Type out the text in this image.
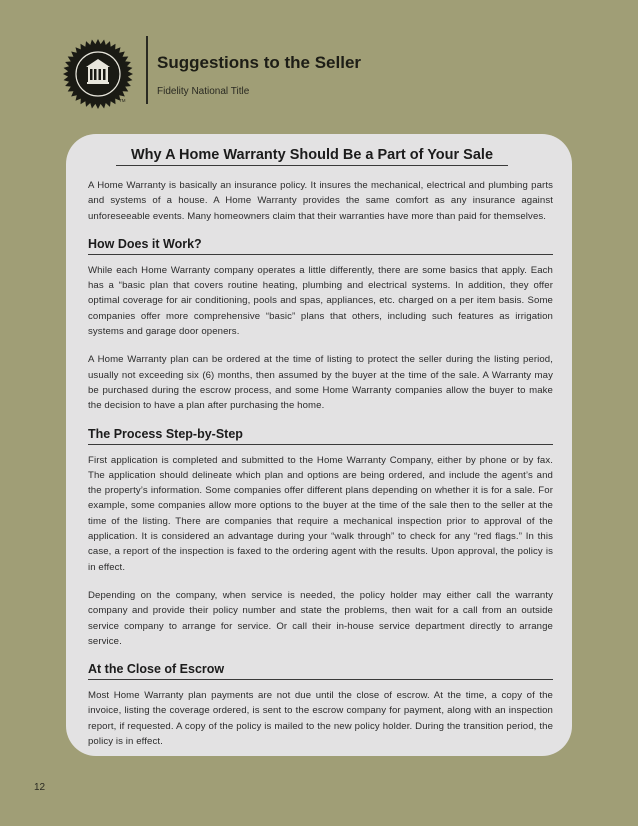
TM
Suggestions to the Seller
Fidelity National Title
Why A Home Warranty Should Be a Part of Your Sale

A Home Warranty is basically an insurance policy. It insures the mechanical, electrical and plumbing parts and systems of a house. A Home Warranty provides the same comfort as any insurance against unforeseeable events. Many homeowners claim that their warranties have more than paid for themselves.

How Does it Work?

While each Home Warranty company operates a little differently, there are some basics that apply. Each has a “basic plan that covers routine heating, plumbing and electrical systems. In addition, they offer optimal coverage for air conditioning, pools and spas, appliances, etc. charged on a per item basis. Some companies offer more comprehensive “basic” plans that others, including such features as irrigation systems and garage door openers.

A Home Warranty plan can be ordered at the time of listing to protect the seller during the listing period, usually not exceeding six (6) months, then assumed by the buyer at the time of the sale. A Warranty may be purchased during the escrow process, and some Home Warranty companies allow the buyer to make the decision to have a plan after purchasing the home.

The Process Step-by-Step

First application is completed and submitted to the Home Warranty Company, either by phone or by fax. The application should delineate which plan and options are being ordered, and include the agent’s and the property’s information. Some companies offer different plans depending on whether it is for a sale. For example, some companies allow more options to the buyer at the time of the sale then to the seller at the time of the listing. There are companies that require a mechanical inspection prior to approval of the application. It is considered an advantage during your “walk through” to check for any “red flags.” In this case, a report of the inspection is faxed to the ordering agent with the results. Upon approval, the policy is in effect.

Depending on the company, when service is needed, the policy holder may either call the warranty company and provide their policy number and state the problems, then wait for a call from an outside service company to arrange for service. Or call their in-house service department directly to arrange service.

At the Close of Escrow

Most Home Warranty plan payments are not due until the close of escrow. At the time, a copy of the invoice, listing the coverage ordered, is sent to the escrow company for payment, along with an inspection report, if requested. A copy of the policy is mailed to the new policy holder. During the transition period, the policy is in effect.

12
